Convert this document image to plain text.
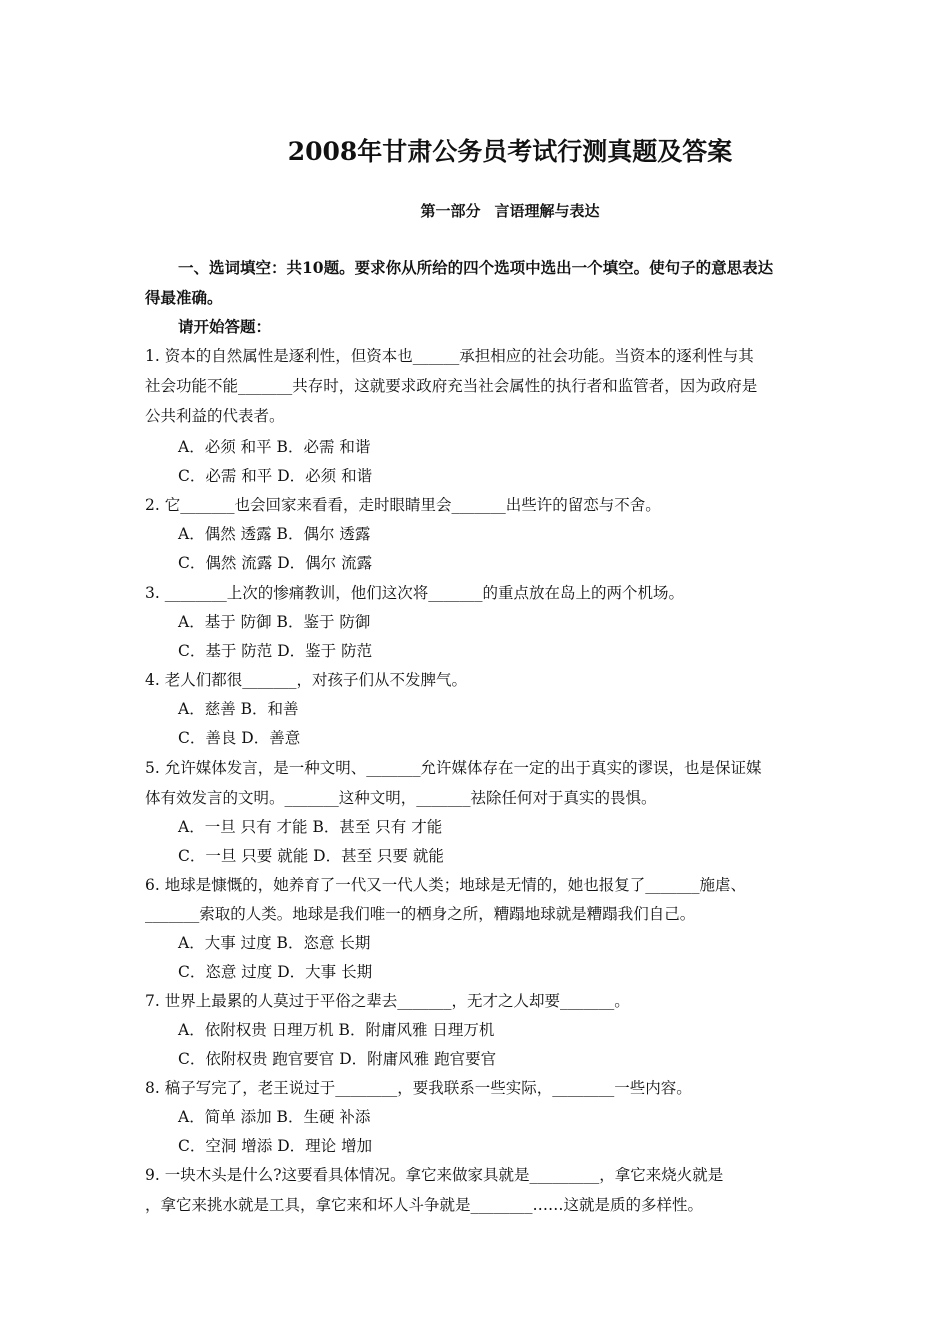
2008年甘肃公务员考试行测真题及答案
第一部分 言语理解与表达
一、选词填空：共10题。要求你从所给的四个选项中选出一个填空。使句子的意思表达
得最准确。
请开始答题：
1. 资本的自然属性是逐利性，但资本也______承担相应的社会功能。当资本的逐利性与其
社会功能不能_______共存时，这就要求政府充当社会属性的执行者和监管者，因为政府是
公共利益的代表者。
A．必须 和平 B．必需 和谐
C．必需 和平 D．必须 和谐
2. 它_______也会回家来看看，走时眼睛里会_______出些许的留恋与不舍。
A．偶然 透露 B．偶尔 透露
C．偶然 流露 D．偶尔 流露
3. ________上次的惨痛教训，他们这次将_______的重点放在岛上的两个机场。
A．基于 防御 B．鉴于 防御
C．基于 防范 D．鉴于 防范
4. 老人们都很_______，对孩子们从不发脾气。
A．慈善 B．和善
C．善良 D．善意
5. 允许媒体发言，是一种文明、_______允许媒体存在一定的出于真实的谬误，也是保证媒
体有效发言的文明。_______这种文明，_______祛除任何对于真实的畏惧。
A．一旦 只有 才能 B．甚至 只有 才能
C．一旦 只要 就能 D．甚至 只要 就能
6. 地球是慷慨的，她养育了一代又一代人类；地球是无情的，她也报复了_______施虐、
_______索取的人类。地球是我们唯一的栖身之所，糟蹋地球就是糟蹋我们自己。
A．大事 过度 B．恣意 长期
C．恣意 过度 D．大事 长期
7. 世界上最累的人莫过于平俗之辈去_______，无才之人却要_______。
A．依附权贵 日理万机 B．附庸风雅 日理万机
C．依附权贵 跑官要官 D．附庸风雅 跑官要官
8. 稿子写完了，老王说过于________，要我联系一些实际，________一些内容。
A．简单 添加 B．生硬 补添
C．空洞 增添 D．理论 增加
9. 一块木头是什么?这要看具体情况。拿它来做家具就是_________，拿它来烧火就是
，拿它来挑水就是工具，拿它来和坏人斗争就是________……这就是质的多样性。
